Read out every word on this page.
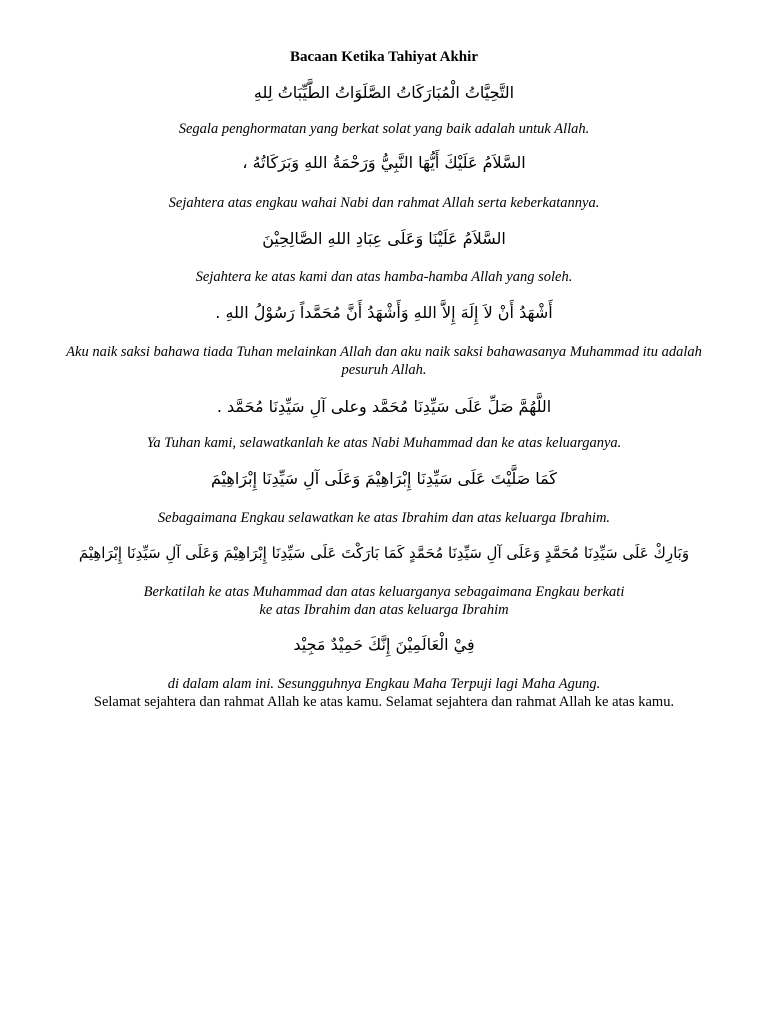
Bacaan Ketika Tahiyat Akhir
التَّحِيَّاتُ الْمُبَارَكَاتُ الصَّلَوَاتُ الطَّيِّبَاتُ لِلهِ
Segala penghormatan yang berkat solat yang baik adalah untuk Allah.
السَّلاَمُ عَلَيْكَ أَيُّهَا النَّبِيُّ وَرَحْمَةُ اللهِ وَبَرَكَاتُهُ ،
Sejahtera atas engkau wahai Nabi dan rahmat Allah serta keberkatannya.
السَّلاَمُ عَلَيْنَا وَعَلَى عِبَادِ اللهِ الصَّالِحِيْنَ
Sejahtera ke atas kami dan atas hamba-hamba Allah yang soleh.
أَشْهَدُ أَنْ لاَ إِلَهَ إِلاَّ اللهِ وَأَشْهَدُ أَنَّ مُحَمَّداً رَسُوْلُ اللهِ .
Aku naik saksi bahawa tiada Tuhan melainkan Allah dan aku naik saksi bahawasanya Muhammad itu adalah
pesuruh Allah.
اللَّهُمَّ صَلِّ عَلَى سَيِّدِنَا مُحَمَّد وعلى آلِ سَيِّدِنَا مُحَمَّد .
Ya Tuhan kami, selawatkanlah ke atas Nabi Muhammad dan ke atas keluarganya.
كَمَا صَلَّيْتَ عَلَى سَيِّدِنَا إِبْرَاهِيْمَ وَعَلَى آلِ سَيِّدِنَا إِبْرَاهِيْمَ
Sebagaimana Engkau selawatkan ke atas Ibrahim dan atas keluarga Ibrahim.
وَبَارِكْ عَلَى سَيِّدِنَا مُحَمَّدٍ وَعَلَى آلِ سَيِّدِنَا مُحَمَّدٍ كَمَا بَارَكْتَ عَلَى سَيِّدِنَا إِبْرَاهِيْمَ وَعَلَى آلِ سَيِّدِنَا إِبْرَاهِيْمَ
Berkatilah ke atas Muhammad dan atas keluarganya sebagaimana Engkau berkati
ke atas Ibrahim dan atas keluarga Ibrahim
فِيْ الْعَالَمِيْنَ إِنَّكَ حَمِيْدٌ مَجِيْد
di dalam alam ini. Sesungguhnya Engkau Maha Terpuji lagi Maha Agung.
Selamat sejahtera dan rahmat Allah ke atas kamu. Selamat sejahtera dan rahmat Allah ke atas kamu.
